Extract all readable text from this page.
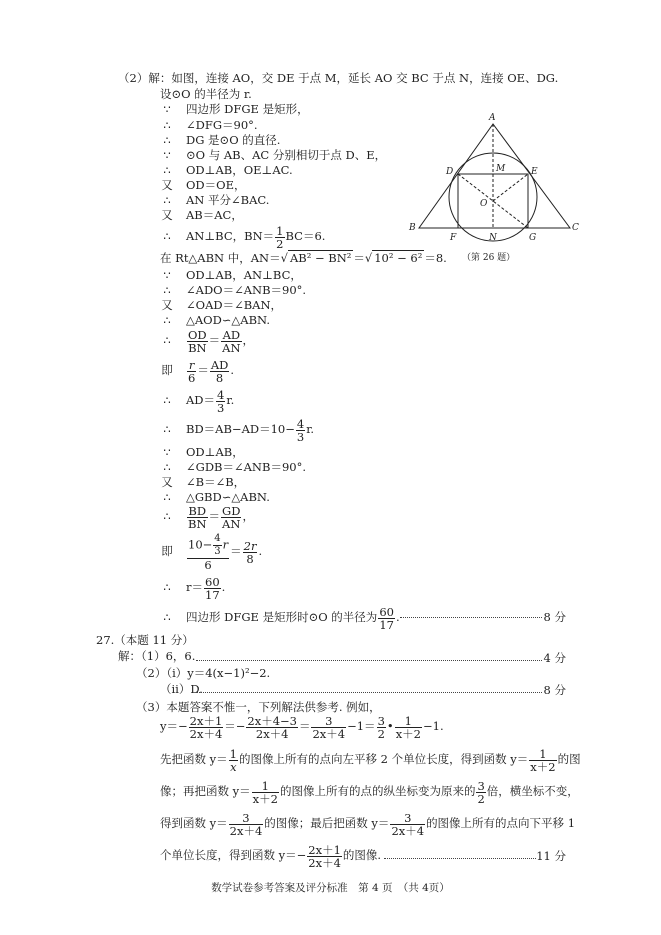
（2）解：如图，连接 AO，交 DE 于点 M，延长 AO 交 BC 于点 N，连接 OE、DG.
设⊙O 的半径为 r.
∵ 四边形 DFGE 是矩形，
∴ ∠DFG＝90°.
∴ DG 是⊙O 的直径.
∵ ⊙O 与 AB、AC 分别相切于点 D、E，
∴ OD⊥AB，OE⊥AC.
又 OD＝OE，
∴ AN 平分∠BAC.
又 AB＝AC，
∴ AN⊥BC，$BN= \frac{1}{2} BC=6$.
在 Rt△ABN 中，AN＝√ AB² − BN² ＝√ 10² − 6² ＝8.
∵ OD⊥AB，AN⊥BC，
∴ ∠ADO＝∠ANB＝90°.
又 ∠OAD＝∠BAN，
∴ △AOD∽△ABN.
∴ $\frac{OD}{BN} = \frac{AD}{AN}$ ，
即 $\frac{r}{6} = \frac{AD}{8}$ .
∴ $AD= \frac{4}{3} r$.
∴ $BD=AB-AD=10- \frac{4}{3} r$.
∵ OD⊥AB，
∴ ∠GDB＝∠ANB＝90°.
又 ∠B＝∠B，
∴ △GBD∽△ABN.
∴ $\frac{BD}{BN} = \frac{GD}{AN}$ ，
即 $\frac{10- \frac{4}{3} r}{6} = \frac{2r}{8}$ .
∴ $r= \frac{60}{17}$ .
∴ 四边形 DFGE 是矩形时⊙O 的半径为 $\frac{60}{17}$ .	8 分
A
B	C
D	E
F	G
M
N
O
（第 26 题）
27.（本题 11 分）
解：（1）6，6.	4 分
（2）（ⅰ）y＝4(x−1)²−2.
（ⅱ）D.	8 分
（3）本题答案不惟一，下列解法供参考. 例如，
$y=- \frac{2x+1}{2x+4} =- \frac{2x+4-3}{2x+4} = \frac{3}{2x+4} -1= \frac{3}{2}$ • $\frac{1}{x+2} -1$.
先把函数 $y= \frac{1}{x}$ 的图像上所有的点向左平移 2 个单位长度，得到函数 $y= \frac{1}{x+2}$ 的图
像；再把函数 $y= \frac{1}{x+2}$ 的图像上所有的点的纵坐标变为原来的 $\frac{3}{2}$ 倍，横坐标不变，
得到函数 $y= \frac{3}{2x+4}$ 的图像；最后把函数 $y= \frac{3}{2x+4}$ 的图像上所有的点向下平移 1
个单位长度，得到函数 $y=- \frac{2x+1}{2x+4}$ 的图像.	11 分
数学试卷参考答案及评分标准　第 4 页　（共 4页）
